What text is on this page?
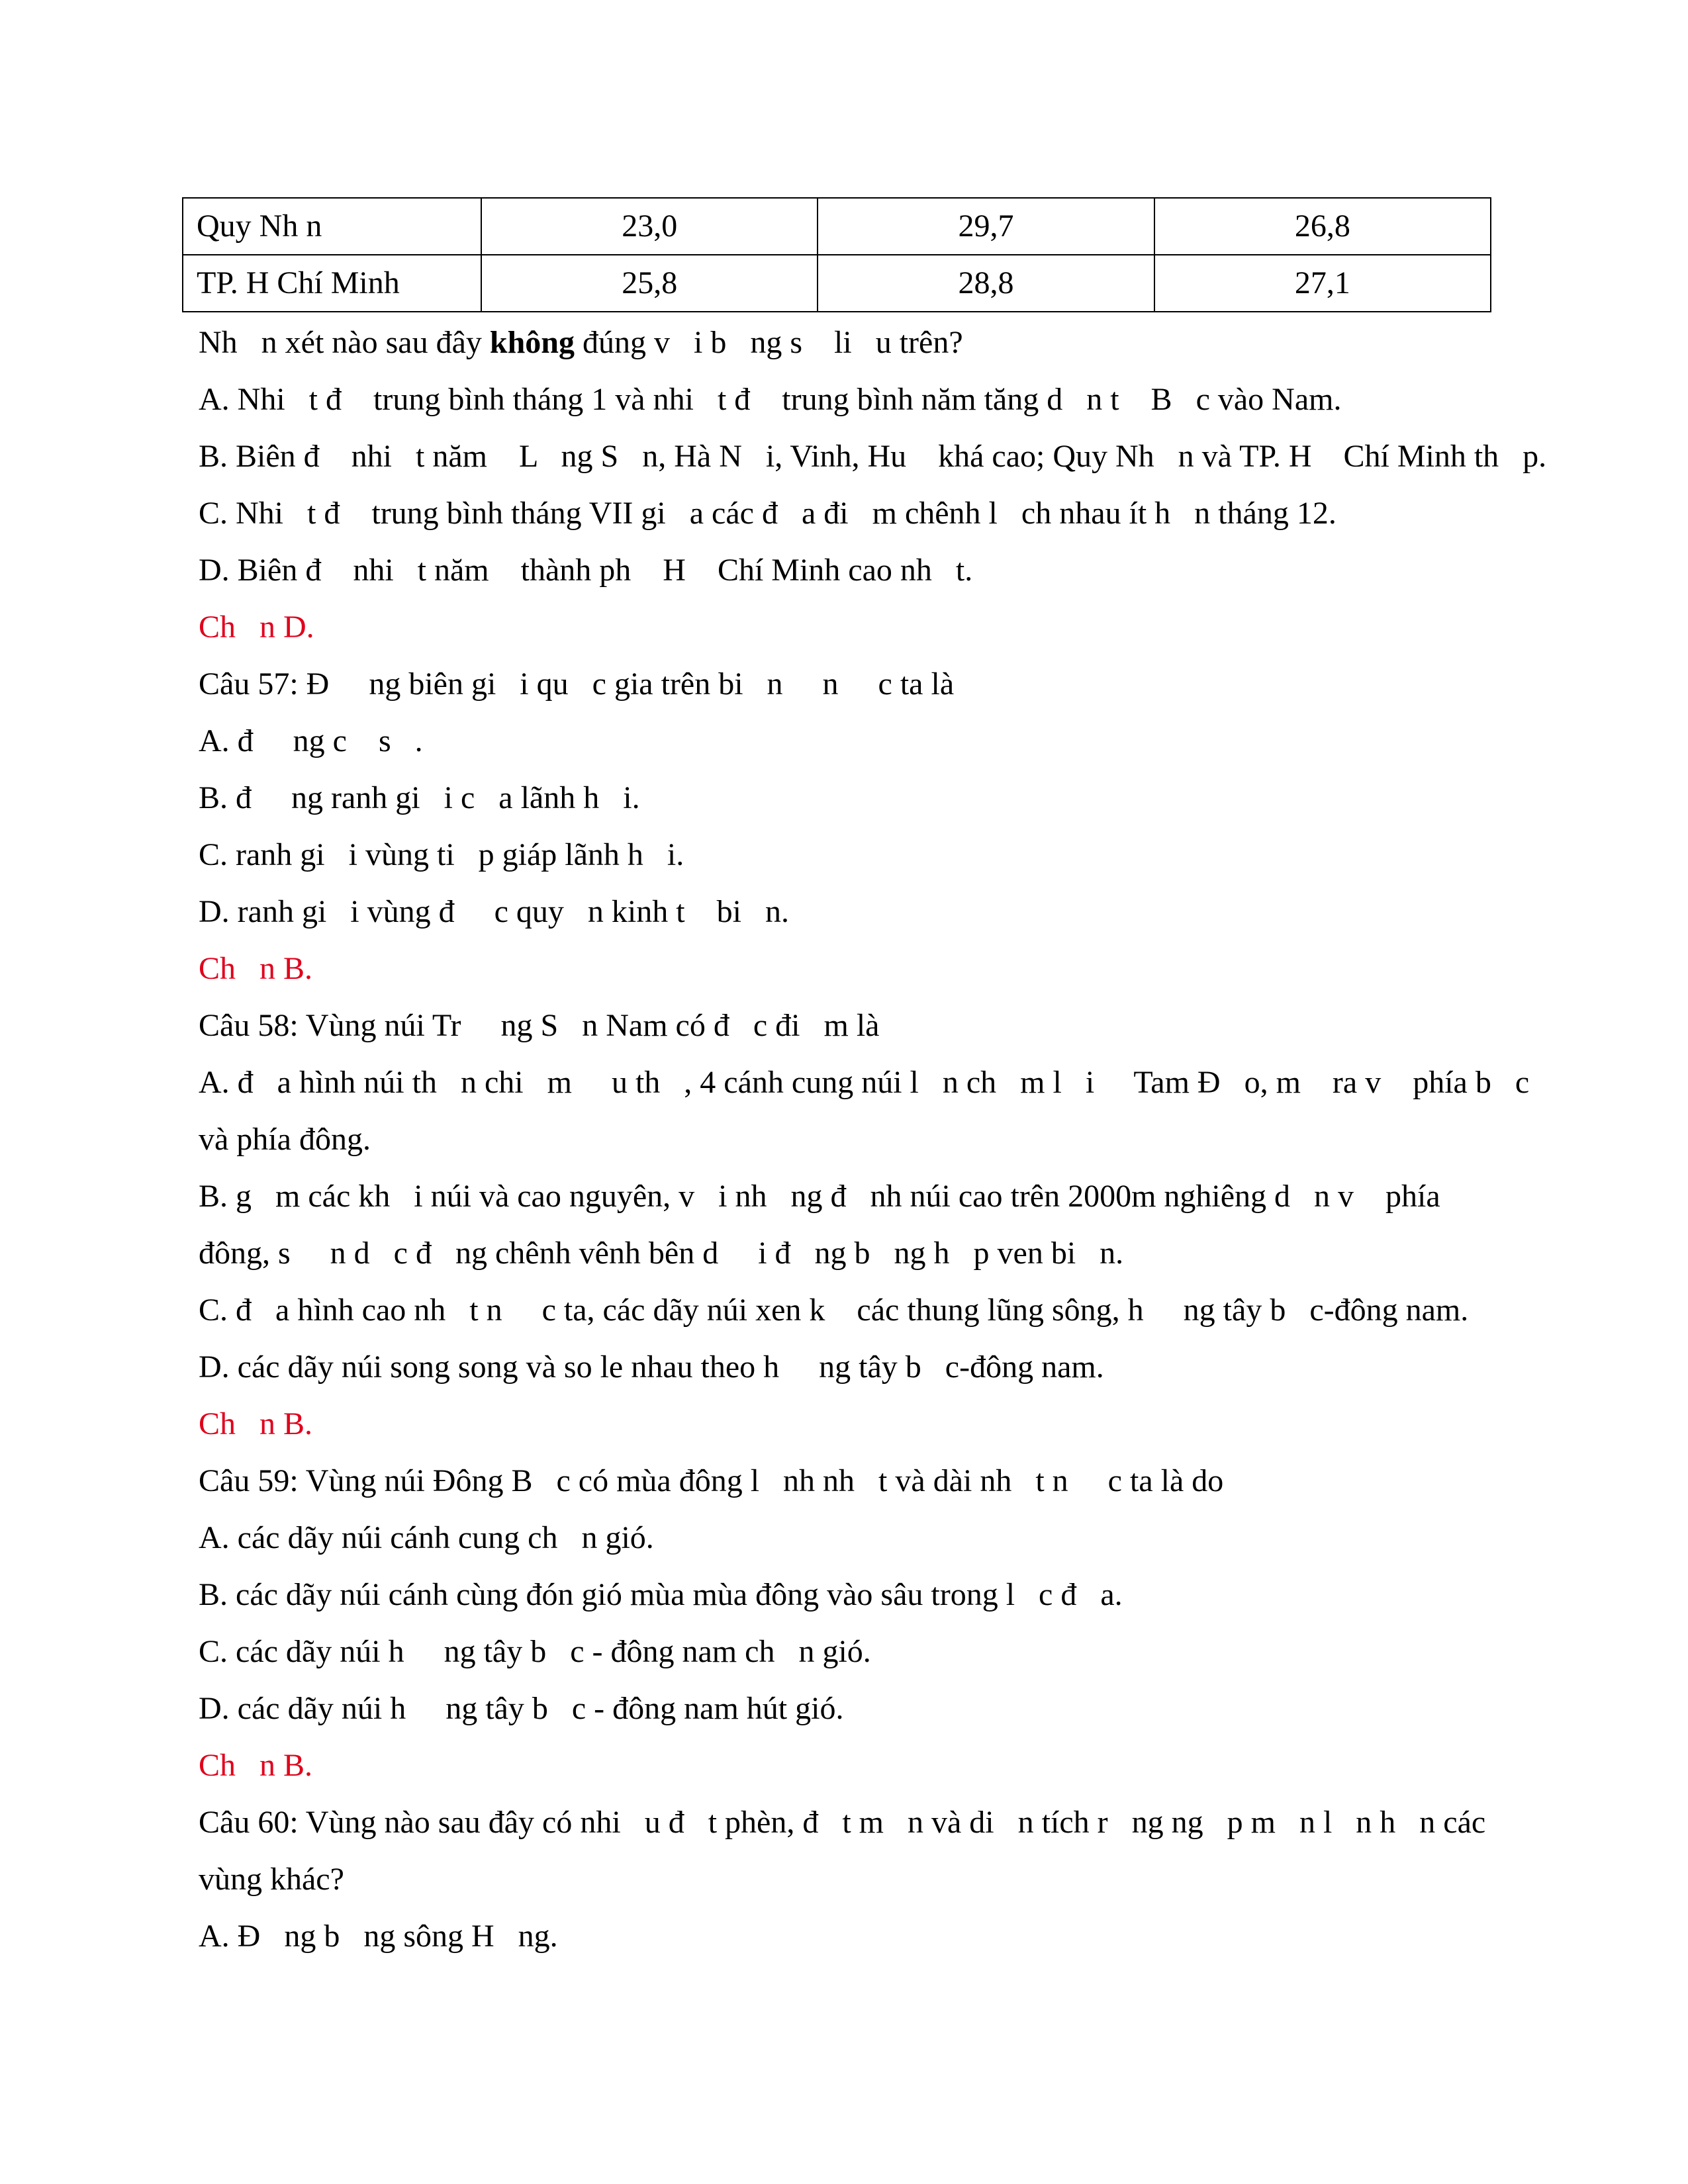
Quy Nh n	23,0	29,7	26,8
TP. H Chí Minh	25,8	28,8	27,1

Nh   n xét nào sau đây không đúng v   i b   ng s    li   u trên?

A. Nhi   t đ    trung bình tháng 1 và nhi   t đ    trung bình năm tăng d   n t    B   c vào Nam.

B. Biên đ    nhi   t năm    L   ng S   n, Hà N   i, Vinh, Hu    khá cao; Quy Nh   n và TP. H    Chí Minh th   p.

C. Nhi   t đ    trung bình tháng VII gi   a các đ   a đi   m chênh l   ch nhau ít h   n tháng 12.

D. Biên đ    nhi   t năm    thành ph    H    Chí Minh cao nh   t.

Ch   n D.

Câu 57: Đ     ng biên gi   i qu   c gia trên bi   n     n     c ta là

A. đ     ng c    s   .

B. đ     ng ranh gi   i c   a lãnh h   i.

C. ranh gi   i vùng ti   p giáp lãnh h   i.

D. ranh gi   i vùng đ     c quy   n kinh t    bi   n.

Ch   n B.

Câu 58: Vùng núi Tr     ng S   n Nam có đ   c đi   m là

A. đ   a hình núi th   n chi   m     u th   , 4 cánh cung núi l   n ch   m l   i     Tam Đ   o, m    ra v    phía b   c

và phía đông.

B. g   m các kh   i núi và cao nguyên, v   i nh   ng đ   nh núi cao trên 2000m nghiêng d   n v    phía

đông, s     n d   c đ   ng chênh vênh bên d     i đ   ng b   ng h   p ven bi   n.

C. đ   a hình cao nh   t n     c ta, các dãy núi xen k    các thung lũng sông, h     ng tây b   c-đông nam.

D. các dãy núi song song và so le nhau theo h     ng tây b   c-đông nam.

Ch   n B.

Câu 59: Vùng núi Đông B   c có mùa đông l   nh nh   t và dài nh   t n     c ta là do

A. các dãy núi cánh cung ch   n gió.

B. các dãy núi cánh cùng đón gió mùa mùa đông vào sâu trong l   c đ   a.

C. các dãy núi h     ng tây b   c - đông nam ch   n gió.

D. các dãy núi h     ng tây b   c - đông nam hút gió.

Ch   n B.

Câu 60: Vùng nào sau đây có nhi   u đ   t phèn, đ   t m   n và di   n tích r   ng ng   p m   n l   n h   n các

vùng khác?

A. Đ   ng b   ng sông H   ng.
